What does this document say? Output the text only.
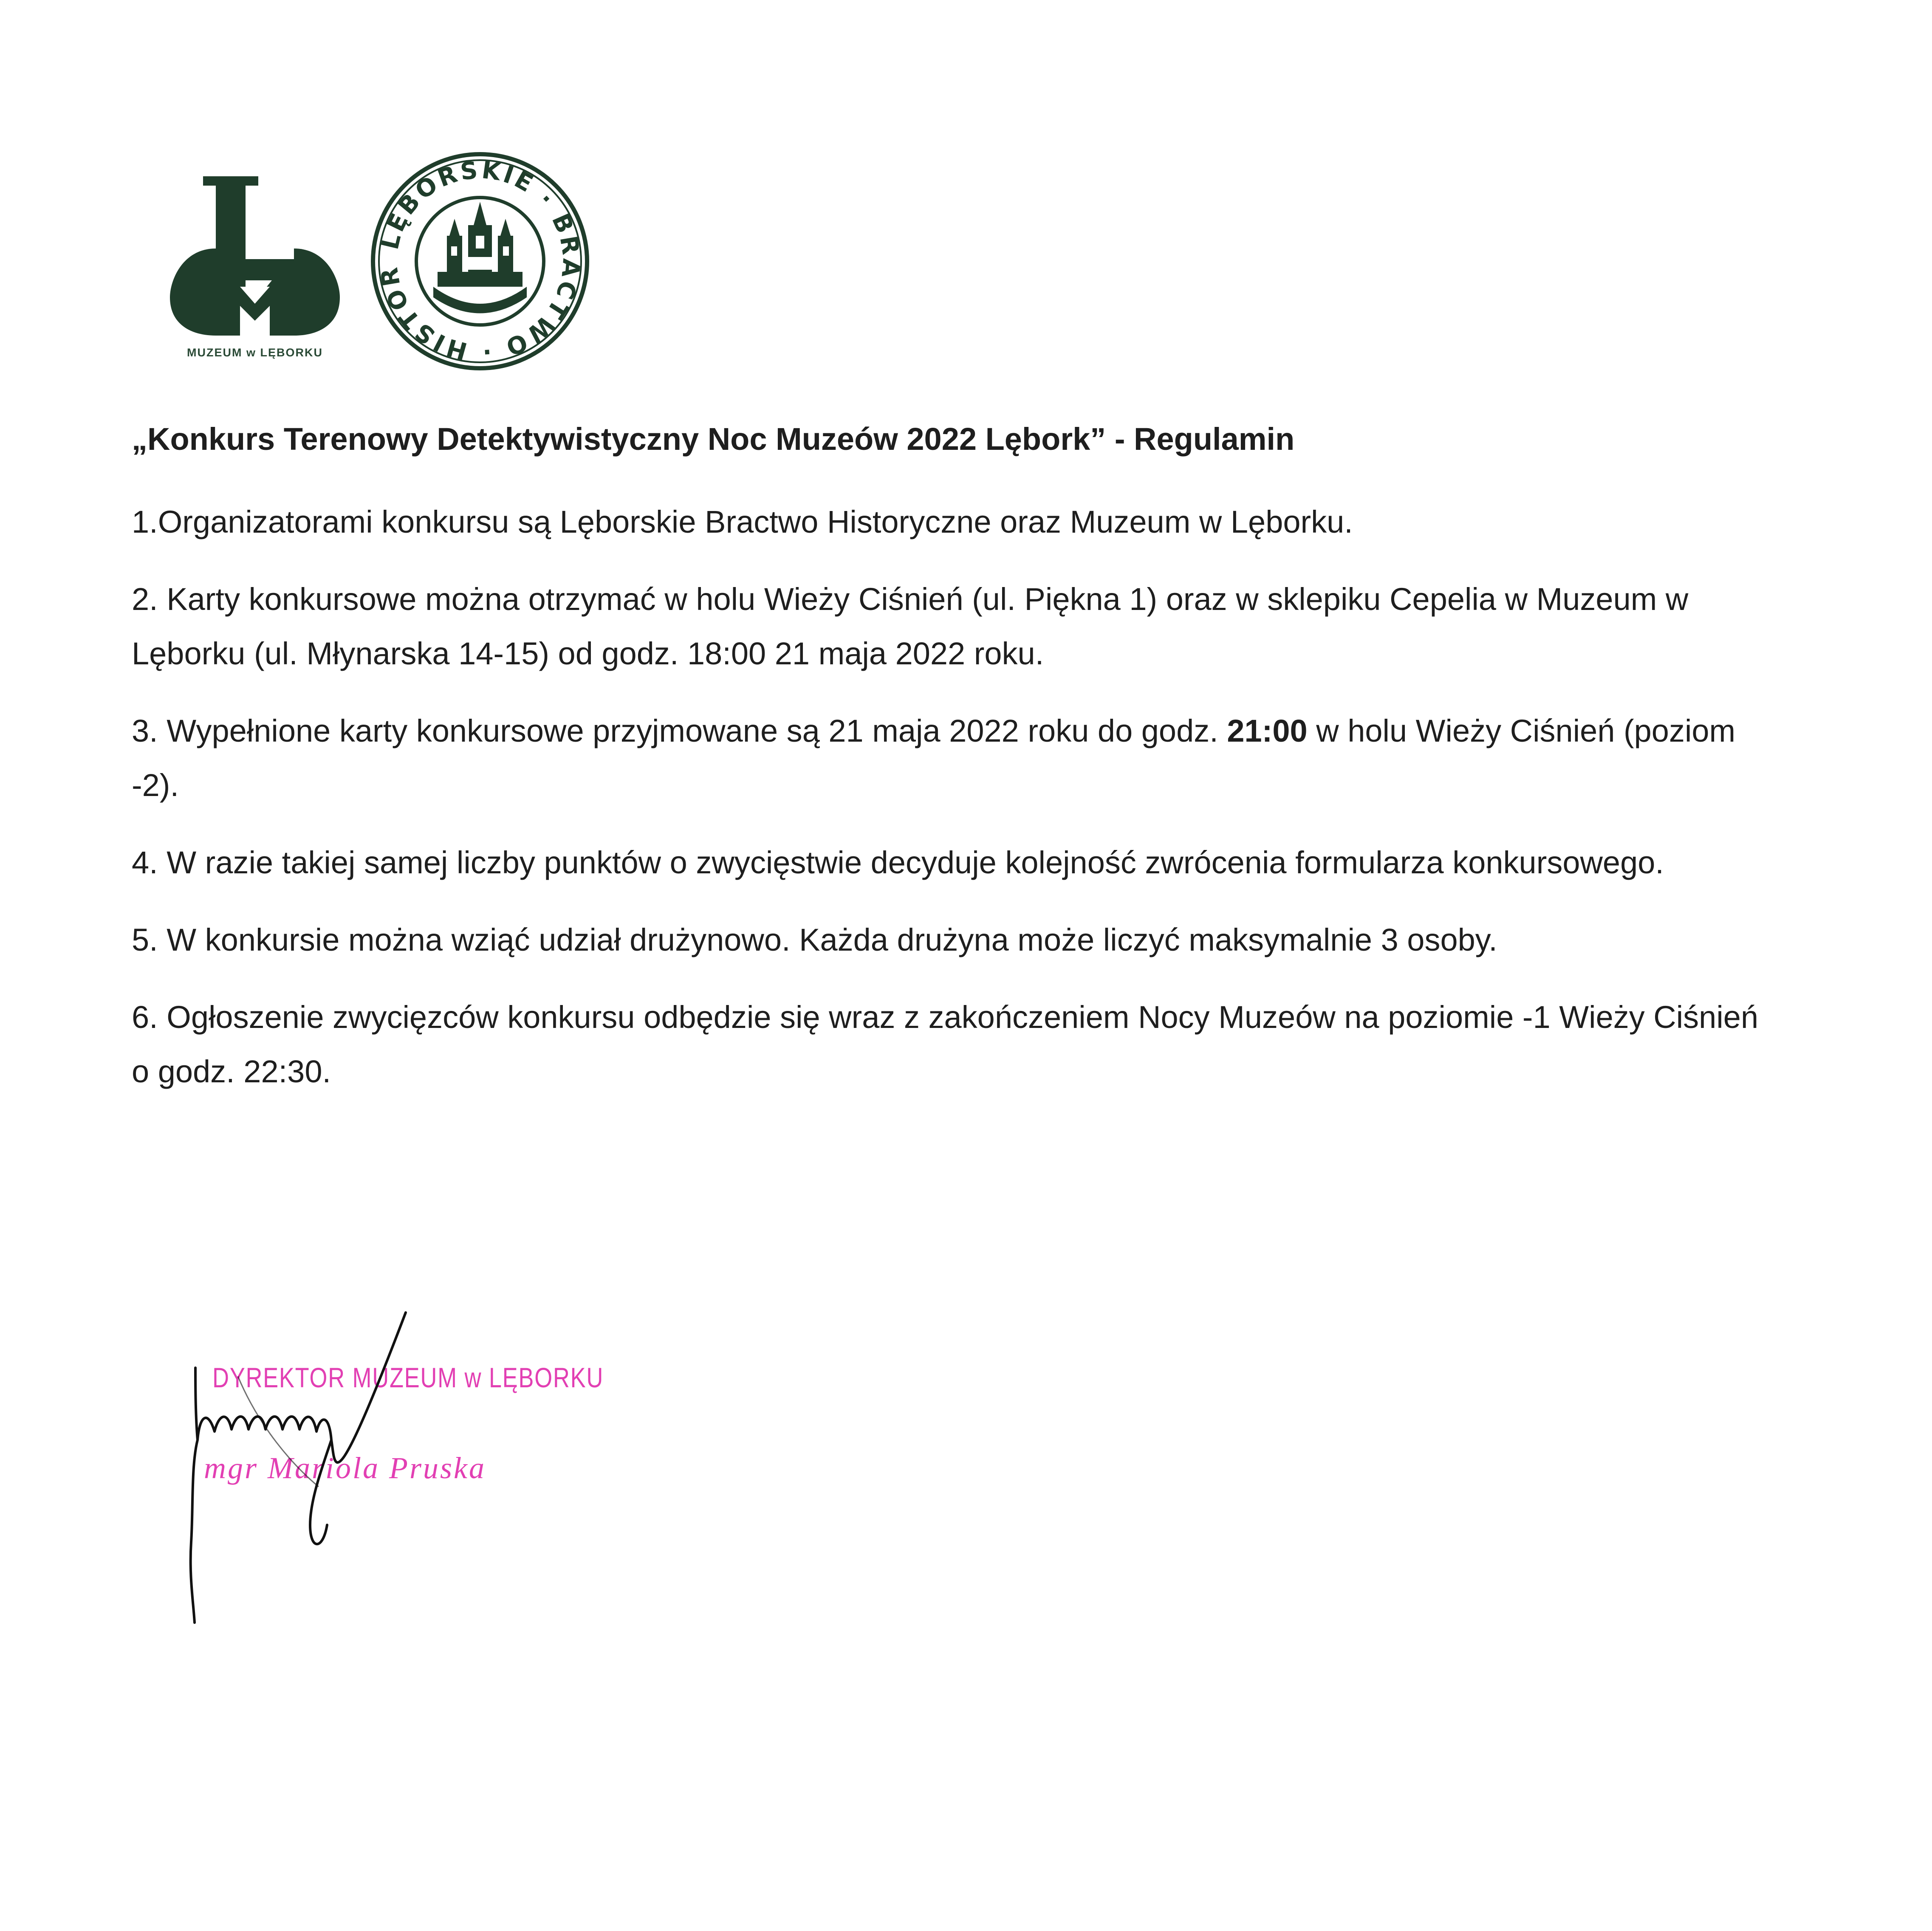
MUZEUM w LĘBORKU
LĘBORSKIE · BRACTWO · HISTOR
„Konkurs Terenowy Detektywistyczny Noc Muzeów 2022 Lębork” - Regulamin
1.Organizatorami konkursu są Lęborskie Bractwo Historyczne oraz Muzeum w Lęborku.
2. Karty konkursowe można otrzymać w holu Wieży Ciśnień (ul. Piękna 1) oraz w sklepiku Cepelia w Muzeum w Lęborku (ul. Młynarska 14-15) od godz. 18:00 21 maja 2022 roku.
3. Wypełnione karty konkursowe przyjmowane są 21 maja 2022 roku do godz. 21:00 w holu Wieży Ciśnień (poziom -2).
4. W razie takiej samej liczby punktów o zwycięstwie decyduje kolejność zwrócenia formularza konkursowego.
5. W konkursie można wziąć udział drużynowo. Każda drużyna może liczyć maksymalnie 3 osoby.
6. Ogłoszenie zwycięzców konkursu odbędzie się wraz z zakończeniem Nocy Muzeów na poziomie -1 Wieży Ciśnień o godz. 22:30.
DYREKTOR MUZEUM w LĘBORKU
mgr Mariola Pruska
